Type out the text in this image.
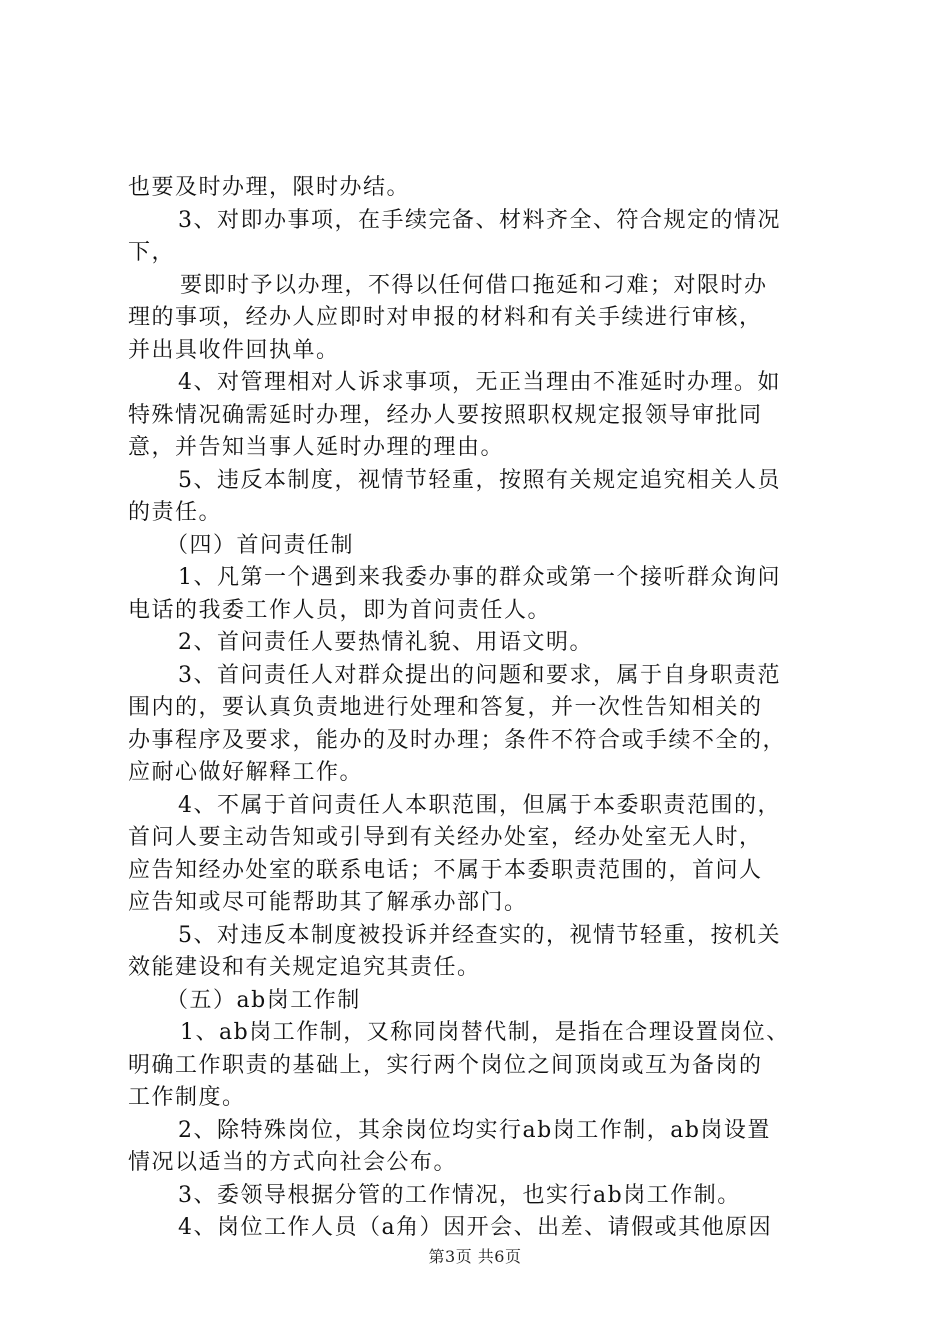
也要及时办理，限时办结。
3、对即办事项，在手续完备、材料齐全、符合规定的情况
下，
要即时予以办理，不得以任何借口拖延和刁难；对限时办
理的事项，经办人应即时对申报的材料和有关手续进行审核，
并出具收件回执单。
4、对管理相对人诉求事项，无正当理由不准延时办理。如
特殊情况确需延时办理，经办人要按照职权规定报领导审批同
意，并告知当事人延时办理的理由。
5、违反本制度，视情节轻重，按照有关规定追究相关人员
的责任。
（四）首问责任制
1、凡第一个遇到来我委办事的群众或第一个接听群众询问
电话的我委工作人员，即为首问责任人。
2、首问责任人要热情礼貌、用语文明。
3、首问责任人对群众提出的问题和要求，属于自身职责范
围内的，要认真负责地进行处理和答复，并一次性告知相关的
办事程序及要求，能办的及时办理；条件不符合或手续不全的，
应耐心做好解释工作。
4、不属于首问责任人本职范围，但属于本委职责范围的，
首问人要主动告知或引导到有关经办处室，经办处室无人时，
应告知经办处室的联系电话；不属于本委职责范围的，首问人
应告知或尽可能帮助其了解承办部门。
5、对违反本制度被投诉并经查实的，视情节轻重，按机关
效能建设和有关规定追究其责任。
（五）ab岗工作制
1、ab岗工作制，又称同岗替代制，是指在合理设置岗位、
明确工作职责的基础上，实行两个岗位之间顶岗或互为备岗的
工作制度。
2、除特殊岗位，其余岗位均实行ab岗工作制，ab岗设置
情况以适当的方式向社会公布。
3、委领导根据分管的工作情况，也实行ab岗工作制。
4、岗位工作人员（a角）因开会、出差、请假或其他原因
第3页 共6页
